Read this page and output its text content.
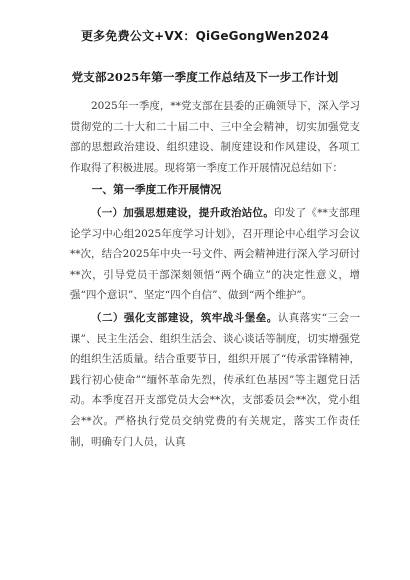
更多免费公文+VX：QiGeGongWen2024
党支部2025年第一季度工作总结及下一步工作计划

2025年一季度，**党支部在县委的正确领导下，深入学习贯彻党的二十大和二十届二中、三中全会精神，切实加强党支部的思想政治建设、组织建设、制度建设和作风建设，各项工作取得了积极进展。现将第一季度工作开展情况总结如下：

一、第一季度工作开展情况

（一）加强思想建设，提升政治站位。印发了《**支部理论学习中心组2025年度学习计划》，召开理论中心组学习会议**次，结合2025年中央一号文件、两会精神进行深入学习研讨**次，引导党员干部深刻领悟“两个确立”的决定性意义，增强“四个意识”、坚定“四个自信”、做到“两个维护”。

（二）强化支部建设，筑牢战斗堡垒。认真落实“三会一课”、民主生活会、组织生活会、谈心谈话等制度，切实增强党的组织生活质量。结合重要节日，组织开展了“传承雷锋精神，践行初心使命”“缅怀革命先烈，传承红色基因”等主题党日活动。本季度召开支部党员大会**次，支部委员会**次，党小组会**次。严格执行党员交纳党费的有关规定，落实工作责任制，明确专门人员，认真
